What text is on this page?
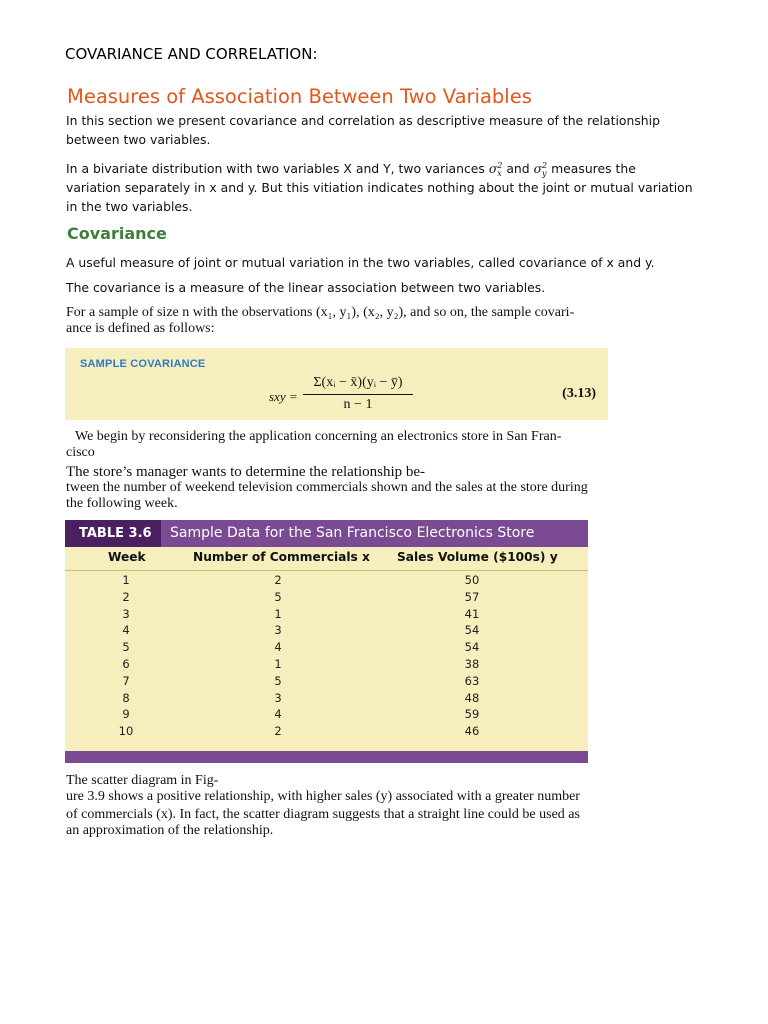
COVARIANCE AND CORRELATION:
Measures of Association Between Two Variables
In this section we present covariance and correlation as descriptive measure of the relationship
between two variables.
In a bivariate distribution with two variables X and Y, two variances σ 2
x and σ 2
y measures the
variation separately in x and y. But this vitiation indicates nothing about the joint or mutual variation
in the two variables.
Covariance
A useful measure of joint or mutual variation in the two variables, called covariance of x and y.
The covariance is a measure of the linear association between two variables.
For a sample of size n with the observations (x₁, y₁), (x₂, y₂), and so on, the sample covari-
ance is defined as follows:
SAMPLE COVARIANCE
sxy = $\frac{\text{Σ(xᵢ − x̄)(yᵢ − ȳ)}}{n - 1}$	(3.13)
We begin by reconsidering the application concerning an electronics store in San Fran-
cisco
The store’s manager wants to determine the relationship be-
tween the number of weekend television commercials shown and the sales at the store during
the following week.
TABLE 3.6	Sample Data for the San Francisco Electronics Store
Week	Number of Commercials x Sales Volume ($100s) y
1	2	50
2	5	57
3	1	41
4	3	54
5	4	54
6	1	38
7	5	63
8	3	48
9	4	59
10	2	46
The scatter diagram in Fig-
ure 3.9 shows a positive relationship, with higher sales (y) associated with a greater number
of commercials (x). In fact, the scatter diagram suggests that a straight line could be used as
an approximation of the relationship.
